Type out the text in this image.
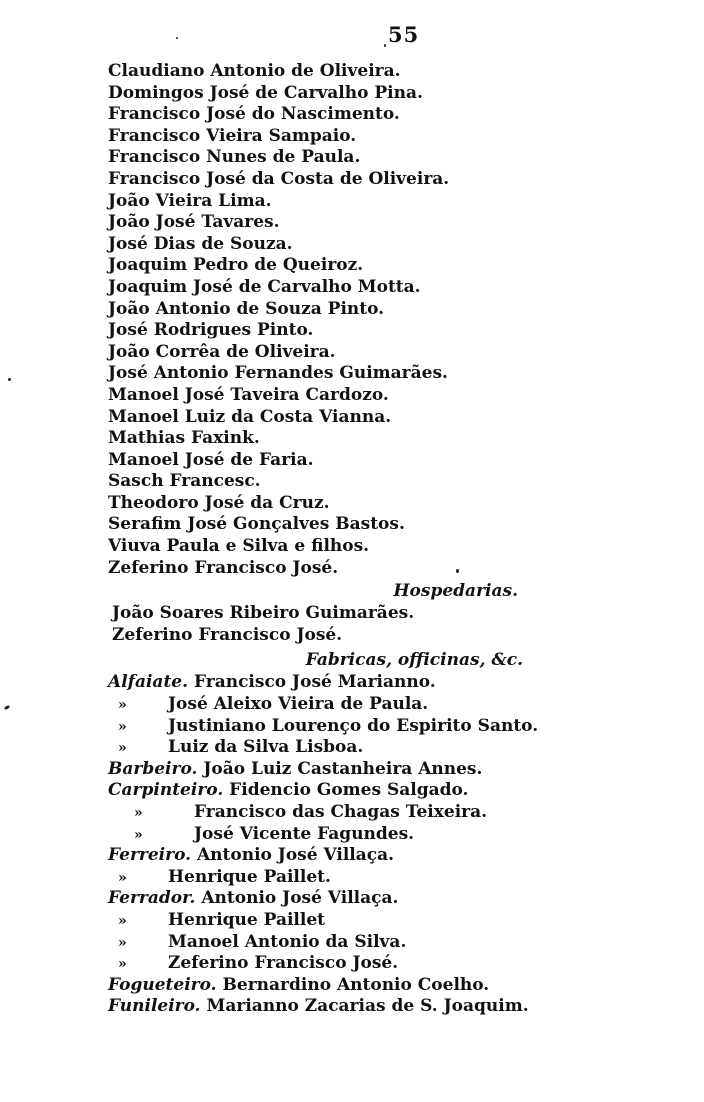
55
Claudiano Antonio de Oliveira.
Domingos José de Carvalho Pina.
Francisco José do Nascimento.
Francisco Vieira Sampaio.
Francisco Nunes de Paula.
Francisco José da Costa de Oliveira.
João Vieira Lima.
João José Tavares.
José Dias de Souza.
Joaquim Pedro de Queiroz.
Joaquim José de Carvalho Motta.
João Antonio de Souza Pinto.
José Rodrigues Pinto.
João Corrêa de Oliveira.
José Antonio Fernandes Guimarães.
Manoel José Taveira Cardozo.
Manoel Luiz da Costa Vianna.
Mathias Faxink.
Manoel José de Faria.
Sasch Francesc.
Theodoro José da Cruz.
Serafim José Gonçalves Bastos.
Viuva Paula e Silva e filhos.
Zeferino Francisco José.
Hospedarias.
João Soares Ribeiro Guimarães.
Zeferino Francisco José.
Fabricas, officinas, &c.
Alfaiate. Francisco José Marianno.
» José Aleixo Vieira de Paula.
» Justiniano Lourenço do Espirito Santo.
» Luiz da Silva Lisboa.
Barbeiro. João Luiz Castanheira Annes.
Carpinteiro. Fidencio Gomes Salgado.
»	Francisco das Chagas Teixeira.
»	José Vicente Fagundes.
Ferreiro. Antonio José Villaça.
» Henrique Paillet.
Ferrador. Antonio José Villaça.
» Henrique Paillet
» Manoel Antonio da Silva.
» Zeferino Francisco José.
Fogueteiro. Bernardino Antonio Coelho.
Funileiro. Marianno Zacarias de S. Joaquim.
